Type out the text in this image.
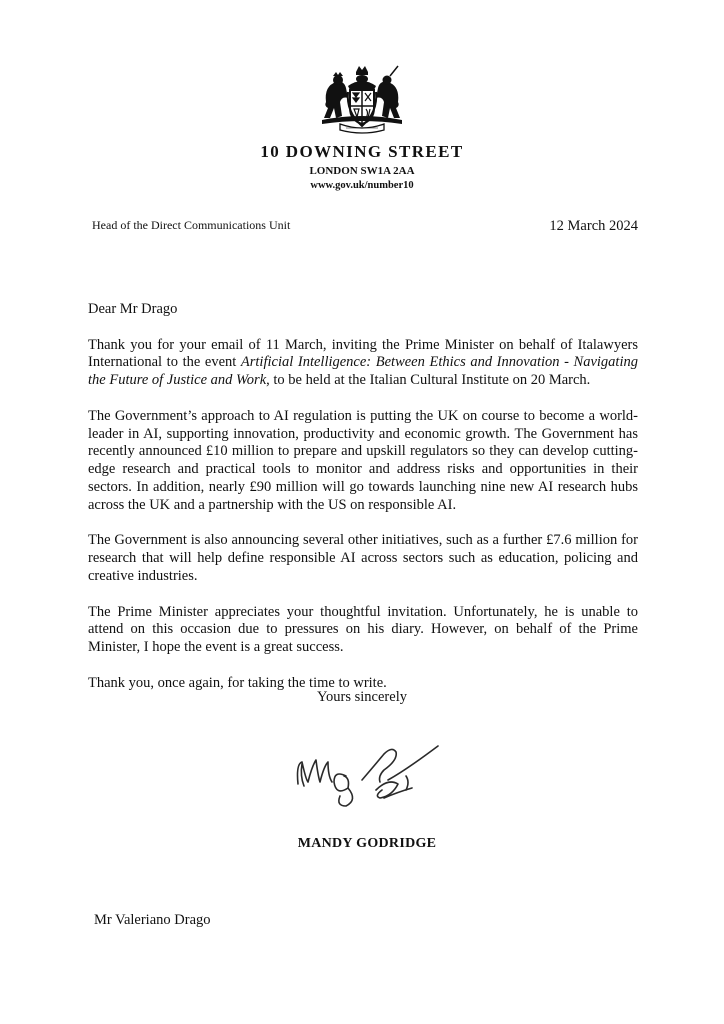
10 DOWNING STREET
LONDON SW1A 2AA
www.gov.uk/number10
Head of the Direct Communications Unit	12 March 2024

Dear Mr Drago

Thank you for your email of 11 March, inviting the Prime Minister on behalf of Italawyers International to the event Artificial Intelligence: Between Ethics and Innovation - Navigating the Future of Justice and Work, to be held at the Italian Cultural Institute on 20 March.

The Government’s approach to AI regulation is putting the UK on course to become a world-leader in AI, supporting innovation, productivity and economic growth. The Government has recently announced £10 million to prepare and upskill regulators so they can develop cutting-edge research and practical tools to monitor and address risks and opportunities in their sectors. In addition, nearly £90 million will go towards launching nine new AI research hubs across the UK and a partnership with the US on responsible AI.

The Government is also announcing several other initiatives, such as a further £7.6 million for research that will help define responsible AI across sectors such as education, policing and creative industries.

The Prime Minister appreciates your thoughtful invitation. Unfortunately, he is unable to attend on this occasion due to pressures on his diary. However, on behalf of the Prime Minister, I hope the event is a great success.

Thank you, once again, for taking the time to write.

Yours sincerely
MANDY GODRIDGE
Mr Valeriano Drago
